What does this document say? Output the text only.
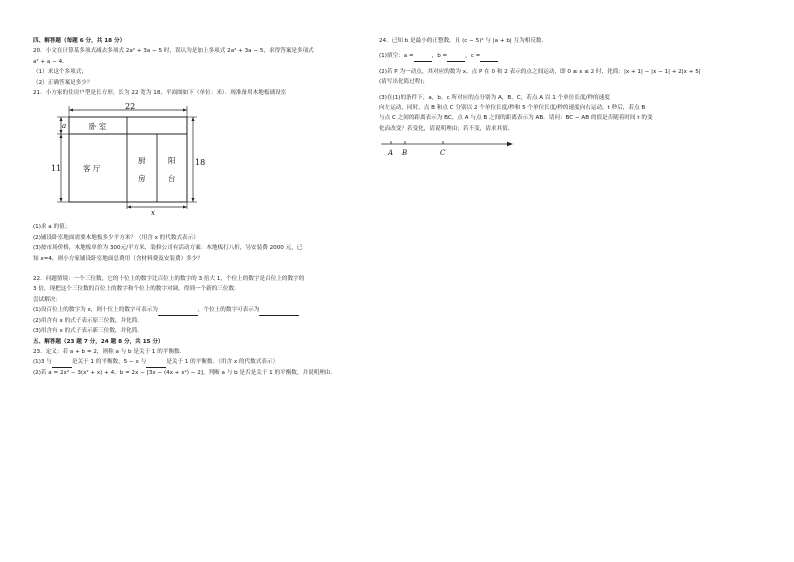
四、解答题（每题 6 分，共 18 分）

20．小文在计算某多项式减去多项式 2a² + 3a − 5 时，误认为是加上多项式 2a² + 3a − 5，求得答案是多项式

a² + a − 4．

（1）求这个多项式；

（2）正确答案是多少？

21．小方家的住房户型是长方形，长为 22 宽为 18，平面图如下（单位：米）．现准备用木地板铺设室

22
18
a
11
x
卧 室
客 厅
厨
房
阳
台

(1)求 a 的值；

(2)铺设卧室地面需要木地板多少平方米？（用含 x 的代数式表示）

(3)按市场价格，木地板单价为 300元/平方米，装修公司有活动方案：木地板打八折，另安装费 2000 元，已

知 x=4，则小方家铺设卧室地面总费用（含材料费及安装费）多少？

22．问题情境：一个三位数，它的十位上的数字比百位上的数字的 3 倍大 1，个位上的数字是百位上的数字的

3 倍，现把这个三位数的百位上的数字和个位上的数字对调，得到一个新的三位数．

尝试解决：

(1)设百位上的数字为 x，则十位上的数字可表示为	，个位上的数字可表示为

(2)用含有 x 的式子表示原三位数，并化简．

(3)用含有 x 的式子表示新三位数，并化简．

五、解答题（23 题 7 分，24 题 8 分，共 15 分）

23．定义：若 a + b = 2，则称 a 与 b 是关于 1 的平衡数．

(1)3 与	是关于 1 的平衡数，5 − x 与	是关于 1 的平衡数．（用含 x 的代数式表示）

(2)若 a = 2x² − 3(x² + x) + 4，b = 2x − [3x − (4x + x²) − 2]，判断 a 与 b 是否是关于 1 的平衡数，并说明理由．

24．已知 b 是最小的正整数，且 (c − 5)² 与 |a + b| 互为相反数．

(1)填空：a =	，b =	，c =

(2)若 P 为一动点，其对应的数为 x，点 P 在 0 和 2 表示的点之间运动，即 0 ≤ x ≤ 2 时，化简：|x + 1| − |x − 1| + 2|x + 5|

(请写出化简过程)；

(3)在(1)的条件下，a，b，c 所对应的点分别为 A，B，C，若点 A 以 1 个单位长度/秒的速度

向左运动，同时，点 B 和点 C 分别以 2 个单位长度/秒和 5 个单位长度/秒的速度向右运动，t 秒后，若点 B

与点 C 之间的距离表示为 BC，点 A 与点 B 之间的距离表示为 AB．请问：BC − AB 的值是否随着时间 t 的变

化而改变？若变化，请说明理由；若不变，请求其值．

A B	C
